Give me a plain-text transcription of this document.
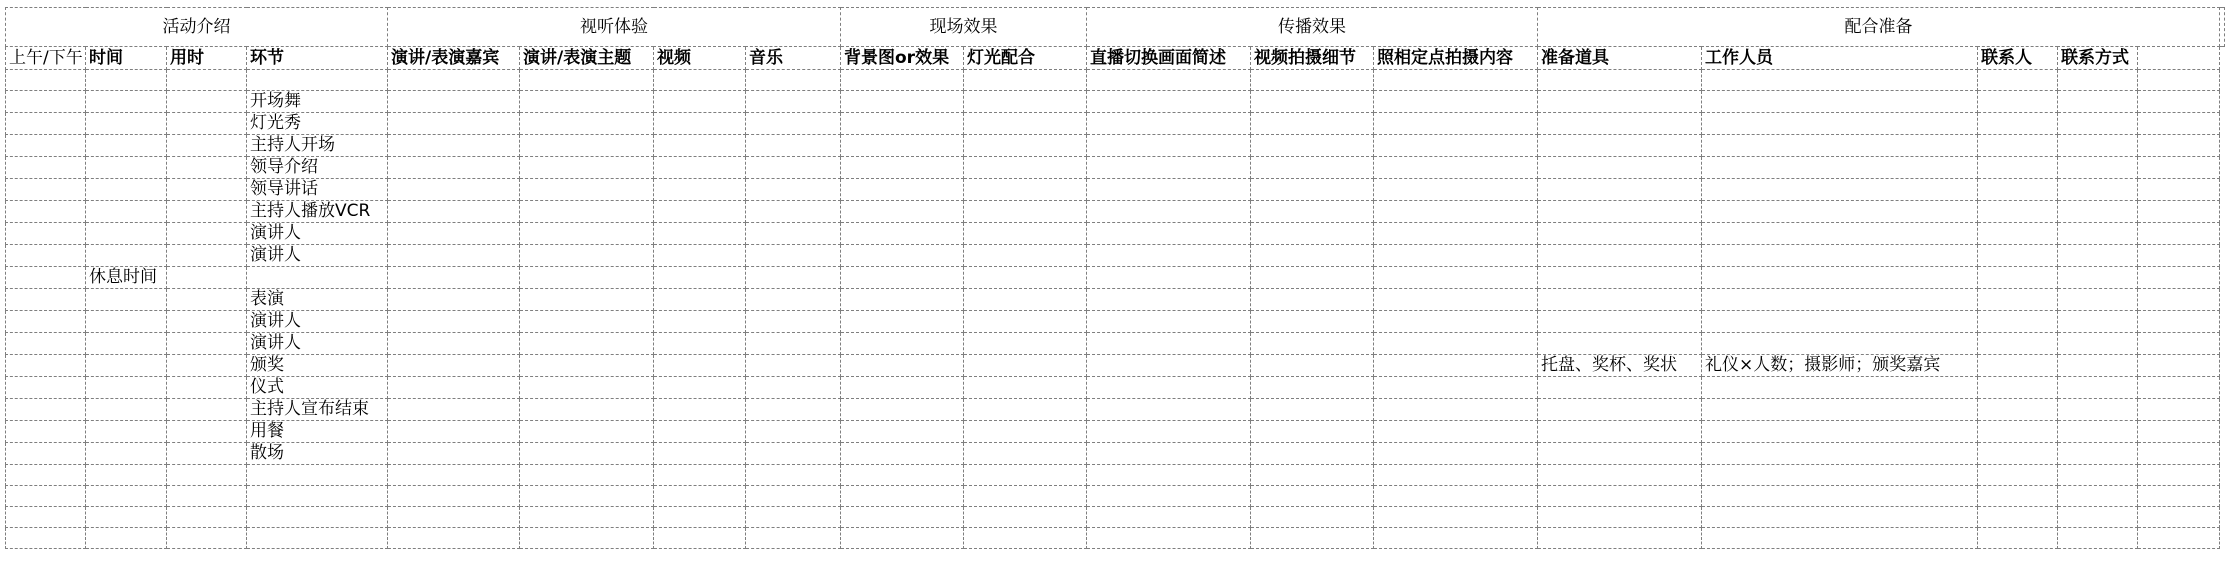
活动介绍				视听体验				现场效果		传播效果			配合准备					
上午/下午	时间	用时	环节	演讲/表演嘉宾	演讲/表演主题	视频	音乐	背景图or效果	灯光配合	直播切换画面简述	视频拍摄细节	照相定点拍摄内容	准备道具	工作人员	联系人	联系方式		

			开场舞															
			灯光秀															
			主持人开场															
			领导介绍															
			领导讲话															
			主持人播放VCR															
			演讲人															
			演讲人															
	休息时间																	
			表演															
			演讲人															
			演讲人															
			颁奖										托盘、奖杯、奖状	礼仪×人数；摄影师；颁奖嘉宾				
			仪式															
			主持人宣布结束															
			用餐															
			散场															
